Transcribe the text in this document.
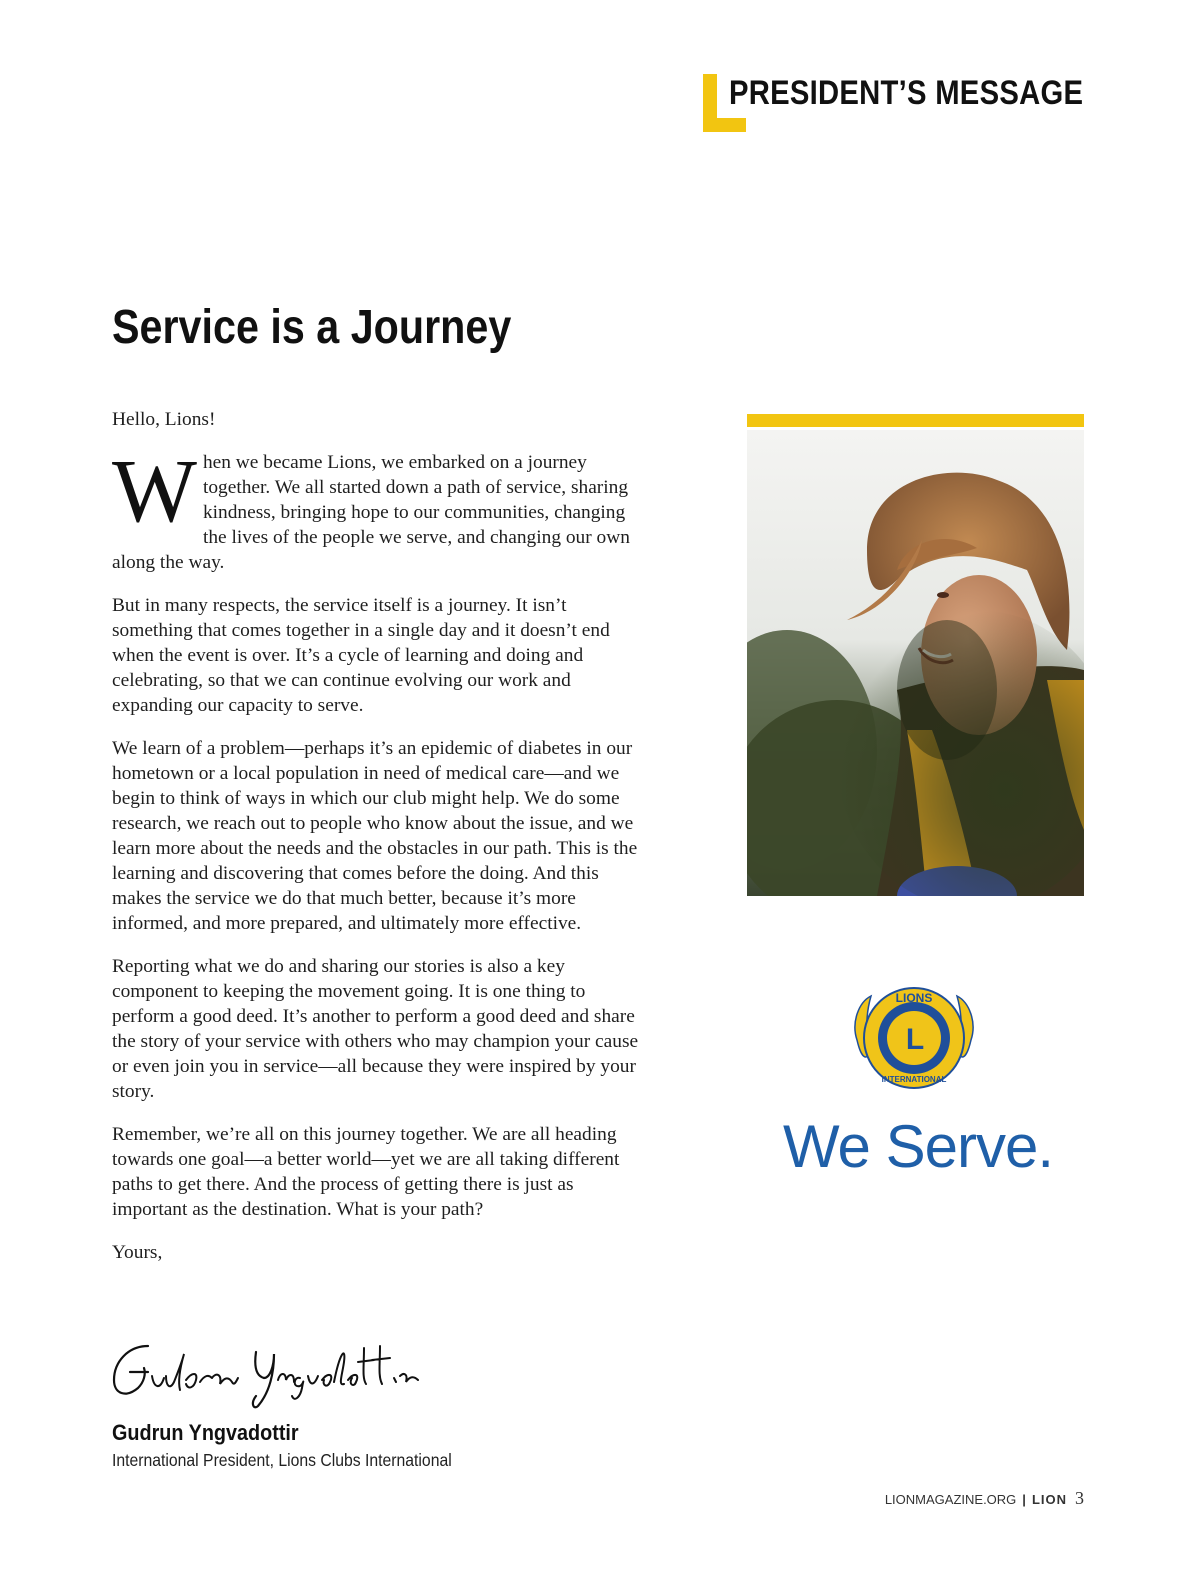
PRESIDENT’S MESSAGE
Service is a Journey

Hello, Lions!

When we became Lions, we embarked on a journey together. We all started down a path of service, sharing kindness, bringing hope to our communities, changing the lives of the people we serve, and changing our own along the way.

But in many respects, the service itself is a journey. It isn’t something that comes together in a single day and it doesn’t end when the event is over. It’s a cycle of learning and doing and celebrating, so that we can continue evolving our work and expanding our capacity to serve.

We learn of a problem—perhaps it’s an epidemic of diabetes in our hometown or a local population in need of medical care—and we begin to think of ways in which our club might help. We do some research, we reach out to people who know about the issue, and we learn more about the needs and the obstacles in our path. This is the learning and discovering that comes before the doing. And this makes the service we do that much better, because it’s more informed, and more prepared, and ultimately more effective.

Reporting what we do and sharing our stories is also a key component to keeping the movement going. It is one thing to perform a good deed. It’s another to perform a good deed and share the story of your service with others who may champion your cause or even join you in service—all because they were inspired by your story.

Remember, we’re all on this journey together. We are all heading towards one goal—a better world—yet we are all taking different paths to get there. And the process of getting there is just as important as the destination. What is your path?

Yours,

Gudrun Yngvadottir
International President, Lions Clubs International
LIONS
L
INTERNATIONAL
We Serve.
LIONMAGAZINE.ORG | LION 3
